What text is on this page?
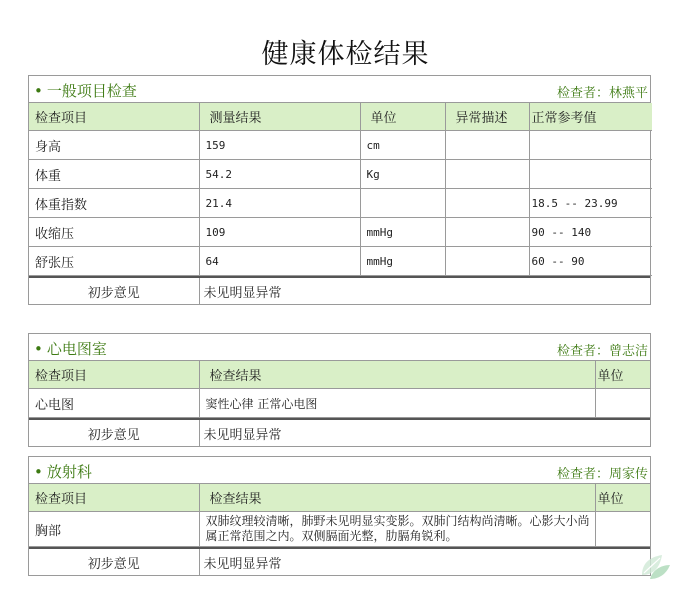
健康体检结果
• 一般项目检查	检查者：林燕平
检查项目	测量结果	单位	异常描述	正常参考值
身高	159	cm		
体重	54.2	Kg		
体重指数	21.4			18.5 -- 23.99
收缩压	109	mmHg		90 -- 140
舒张压	64	mmHg		60 -- 90
初步意见	未见明显异常
• 心电图室	检查者：曾志洁
检查项目	检查结果	单位
心电图	窦性心律 正常心电图	
初步意见	未见明显异常
• 放射科	检查者：周家传
检查项目	检查结果	单位
胸部	双肺纹理较清晰，肺野未见明显实变影。双肺门结构尚清晰。心影大小尚属正常范围之内。双侧膈面光整，肋膈角锐利。	
初步意见	未见明显异常
